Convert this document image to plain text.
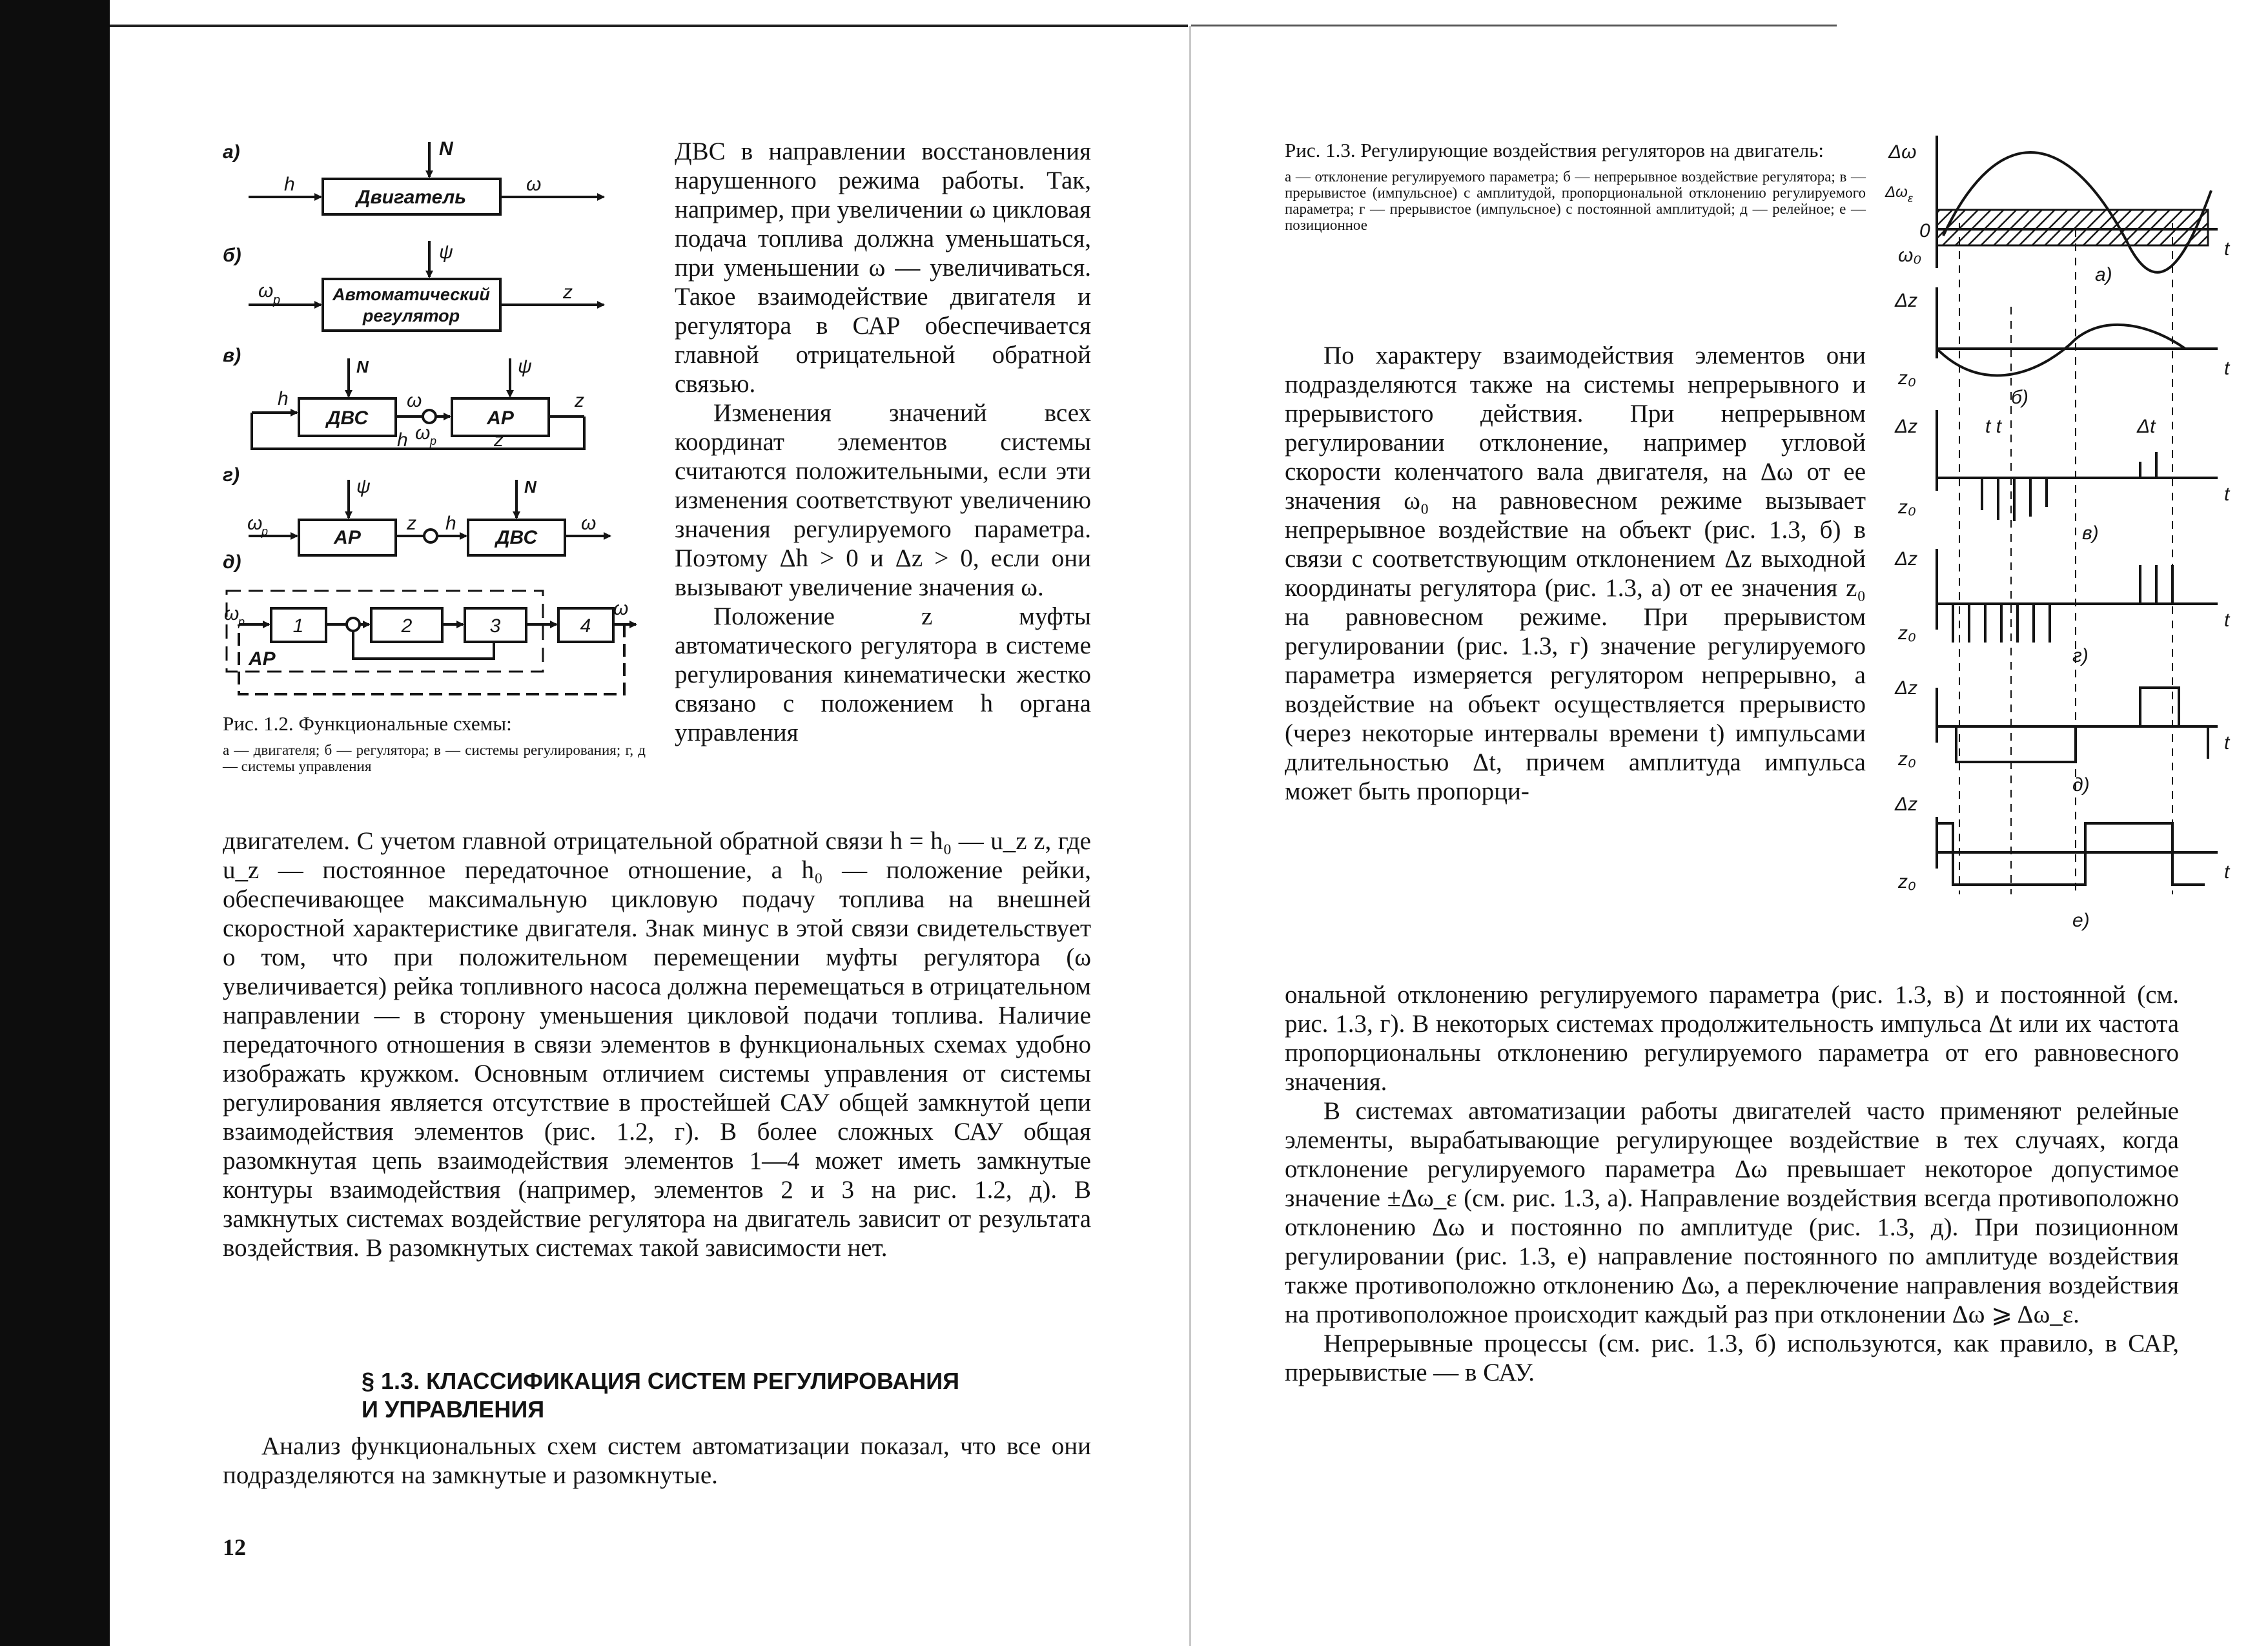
а)
h
N
Двигатель
ω
б)
ω р
ψ
Автоматический
регулятор
z
в)
N	ψ
h
ДВС	АР
ω
ω р
z
h	z
г)
ω
р
ψ	N
АР	ДВС
z h	ω
д)
ω
р 1	2	3	4
ω
АР
Рис. 1.2. Функциональные схемы:
а — двигателя; б — регулятора; в — системы регулирования; г, д — системы управления

ДВС в направлении восстановления нарушенного режима работы. Так, например, при увеличении ω цикловая подача топлива должна уменьшаться, при уменьшении ω — увеличиваться. Такое взаимодействие двигателя и регулятора в САР обеспечивается главной отрицательной обратной связью.

Изменения значений всех координат элементов системы считаются положительными, если эти изменения соответствуют увеличению значения регулируемого параметра. Поэтому Δh > 0 и Δz > 0, если они вызывают увеличение значения ω.

Положение z муфты автоматического регулятора в системе регулирования кинематически жестко связано с положением h органа управления

двигателем. С учетом главной отрицательной обратной связи h = h₀ — u_z z, где u_z — постоянное передаточное отношение, а h₀ — положение рейки, обеспечивающее максимальную цикловую подачу топлива на внешней скоростной характеристике двигателя. Знак минус в этой связи свидетельствует о том, что при положительном перемещении муфты регулятора (ω увеличивается) рейка топливного насоса должна перемещаться в отрицательном направлении — в сторону уменьшения цикловой подачи топлива. Наличие передаточного отношения в связи элементов в функциональных схемах удобно изображать кружком. Основным отличием системы управления от системы регулирования является отсутствие в простейшей САУ общей замкнутой цепи взаимодействия элементов (рис. 1.2, г). В более сложных САУ общая разомкнутая цепь взаимодействия элементов 1—4 может иметь замкнутые контуры взаимодействия (например, элементов 2 и 3 на рис. 1.2, д). В замкнутых системах воздействие регулятора на двигатель зависит от результата воздействия. В разомкнутых системах такой зависимости нет.

§ 1.3. КЛАССИФИКАЦИЯ СИСТЕМ РЕГУЛИРОВАНИЯ
И УПРАВЛЕНИЯ

Анализ функциональных схем систем автоматизации показал, что все они подразделяются на замкнутые и разомкнутые.

12
Рис. 1.3. Регулирующие воздействия регуляторов на двигатель:
а — отклонение регулируемого параметра; б — непрерывное воздействие регулятора; в — прерывистое (импульсное) с амплитудой, пропорциональной отклонению регулируемого параметра; г — прерывистое (импульсное) с постоянной амплитудой; д — релейное; е — позиционное
Δω
Δω ε
0
ω₀	t
а)
Δz
z₀	t
б)
Δz	t t	Δt
z₀
t
в)
Δz
z₀
t
г)
Δz
z₀
t
д)
Δz
z₀	t
е)

По характеру взаимодействия элементов они подразделяются также на системы непрерывного и прерывистого действия. При непрерывном регулировании отклонение, например угловой скорости коленчатого вала двигателя, на Δω от ее значения ω₀ на равновесном режиме вызывает непрерывное воздействие на объект (рис. 1.3, б) в связи с соответствующим отклонением Δz выходной координаты регулятора (рис. 1.3, а) от ее значения z₀ на равновесном режиме. При прерывистом регулировании (рис. 1.3, г) значение регулируемого параметра измеряется регулятором непрерывно, а воздействие на объект осуществляется прерывисто (через некоторые интервалы времени t) импульсами длительностью Δt, причем амплитуда импульса может быть пропорци-

ональной отклонению регулируемого параметра (рис. 1.3, в) и постоянной (см. рис. 1.3, г). В некоторых системах продолжительность импульса Δt или их частота пропорциональны отклонению регулируемого параметра от его равновесного значения.

В системах автоматизации работы двигателей часто применяют релейные элементы, вырабатывающие регулирующее воздействие в тех случаях, когда отклонение регулируемого параметра Δω превышает некоторое допустимое значение ±Δω_ε (см. рис. 1.3, а). Направление воздействия всегда противоположно отклонению Δω и постоянно по амплитуде (рис. 1.3, д). При позиционном регулировании (рис. 1.3, е) направление постоянного по амплитуде воздействия также противоположно отклонению Δω, а переключение направления воздействия на противоположное происходит каждый раз при отклонении Δω ⩾ Δω_ε.

Непрерывные процессы (см. рис. 1.3, б) используются, как правило, в САР, прерывистые — в САУ.
